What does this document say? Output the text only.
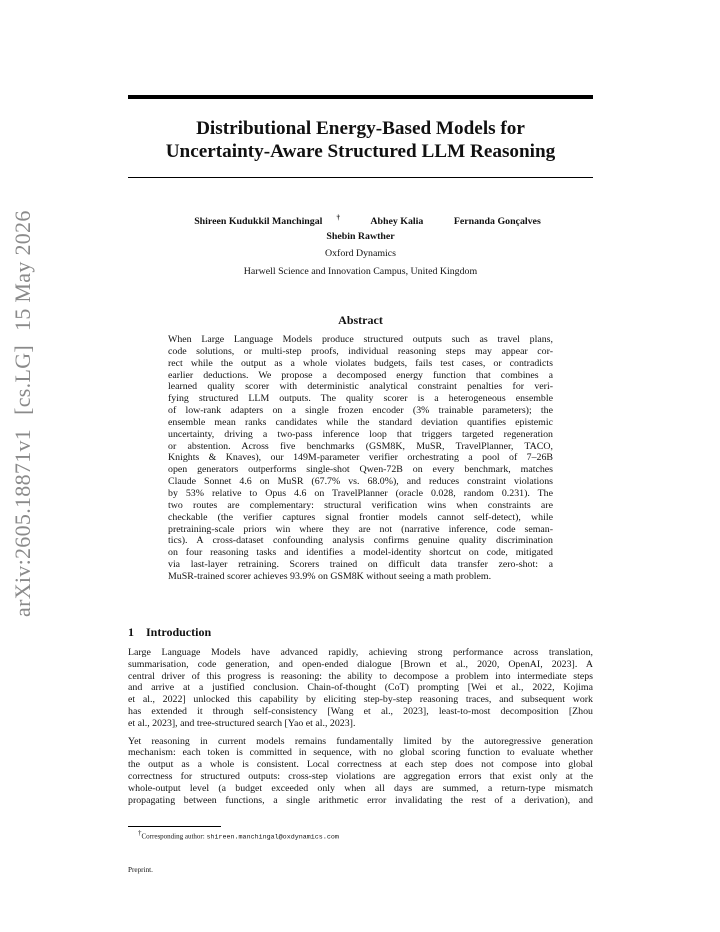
arXiv:2605.18871v1[cs.LG]15 May 2026
Distributional Energy-Based Models for
Uncertainty-Aware Structured LLM Reasoning
Shireen Kudukkil Manchingal †	Abhey Kalia	Fernanda Gonçalves
Shebin Rawther
Oxford Dynamics
Harwell Science and Innovation Campus, United Kingdom
Abstract
When Large Language Models produce structured outputs such as travel plans,
code solutions, or multi-step proofs, individual reasoning steps may appear cor-
rect while the output as a whole violates budgets, fails test cases, or contradicts
earlier deductions. We propose a decomposed energy function that combines a
learned quality scorer with deterministic analytical constraint penalties for veri-
fying structured LLM outputs. The quality scorer is a heterogeneous ensemble
of low-rank adapters on a single frozen encoder (3% trainable parameters); the
ensemble mean ranks candidates while the standard deviation quantifies epistemic
uncertainty, driving a two-pass inference loop that triggers targeted regeneration
or abstention. Across five benchmarks (GSM8K, MuSR, TravelPlanner, TACO,
Knights & Knaves), our 149M-parameter verifier orchestrating a pool of 7–26B
open generators outperforms single-shot Qwen-72B on every benchmark, matches
Claude Sonnet 4.6 on MuSR (67.7% vs. 68.0%), and reduces constraint violations
by 53% relative to Opus 4.6 on TravelPlanner (oracle 0.028, random 0.231). The
two routes are complementary: structural verification wins when constraints are
checkable (the verifier captures signal frontier models cannot self-detect), while
pretraining-scale priors win where they are not (narrative inference, code seman-
tics). A cross-dataset confounding analysis confirms genuine quality discrimination
on four reasoning tasks and identifies a model-identity shortcut on code, mitigated
via last-layer retraining. Scorers trained on difficult data transfer zero-shot: a
MuSR-trained scorer achieves 93.9% on GSM8K without seeing a math problem.
1 Introduction
Large Language Models have advanced rapidly, achieving strong performance across translation,
summarisation, code generation, and open-ended dialogue [Brown et al., 2020, OpenAI, 2023]. A
central driver of this progress is reasoning: the ability to decompose a problem into intermediate steps
and arrive at a justified conclusion. Chain-of-thought (CoT) prompting [Wei et al., 2022, Kojima
et al., 2022] unlocked this capability by eliciting step-by-step reasoning traces, and subsequent work
has extended it through self-consistency [Wang et al., 2023], least-to-most decomposition [Zhou
et al., 2023], and tree-structured search [Yao et al., 2023].
Yet reasoning in current models remains fundamentally limited by the autoregressive generation
mechanism: each token is committed in sequence, with no global scoring function to evaluate whether
the output as a whole is consistent. Local correctness at each step does not compose into global
correctness for structured outputs: cross-step violations are aggregation errors that exist only at the
whole-output level (a budget exceeded only when all days are summed, a return-type mismatch
propagating between functions, a single arithmetic error invalidating the rest of a derivation), and
†Corresponding author: shireen.manchingal@oxdynamics.com
Preprint.
